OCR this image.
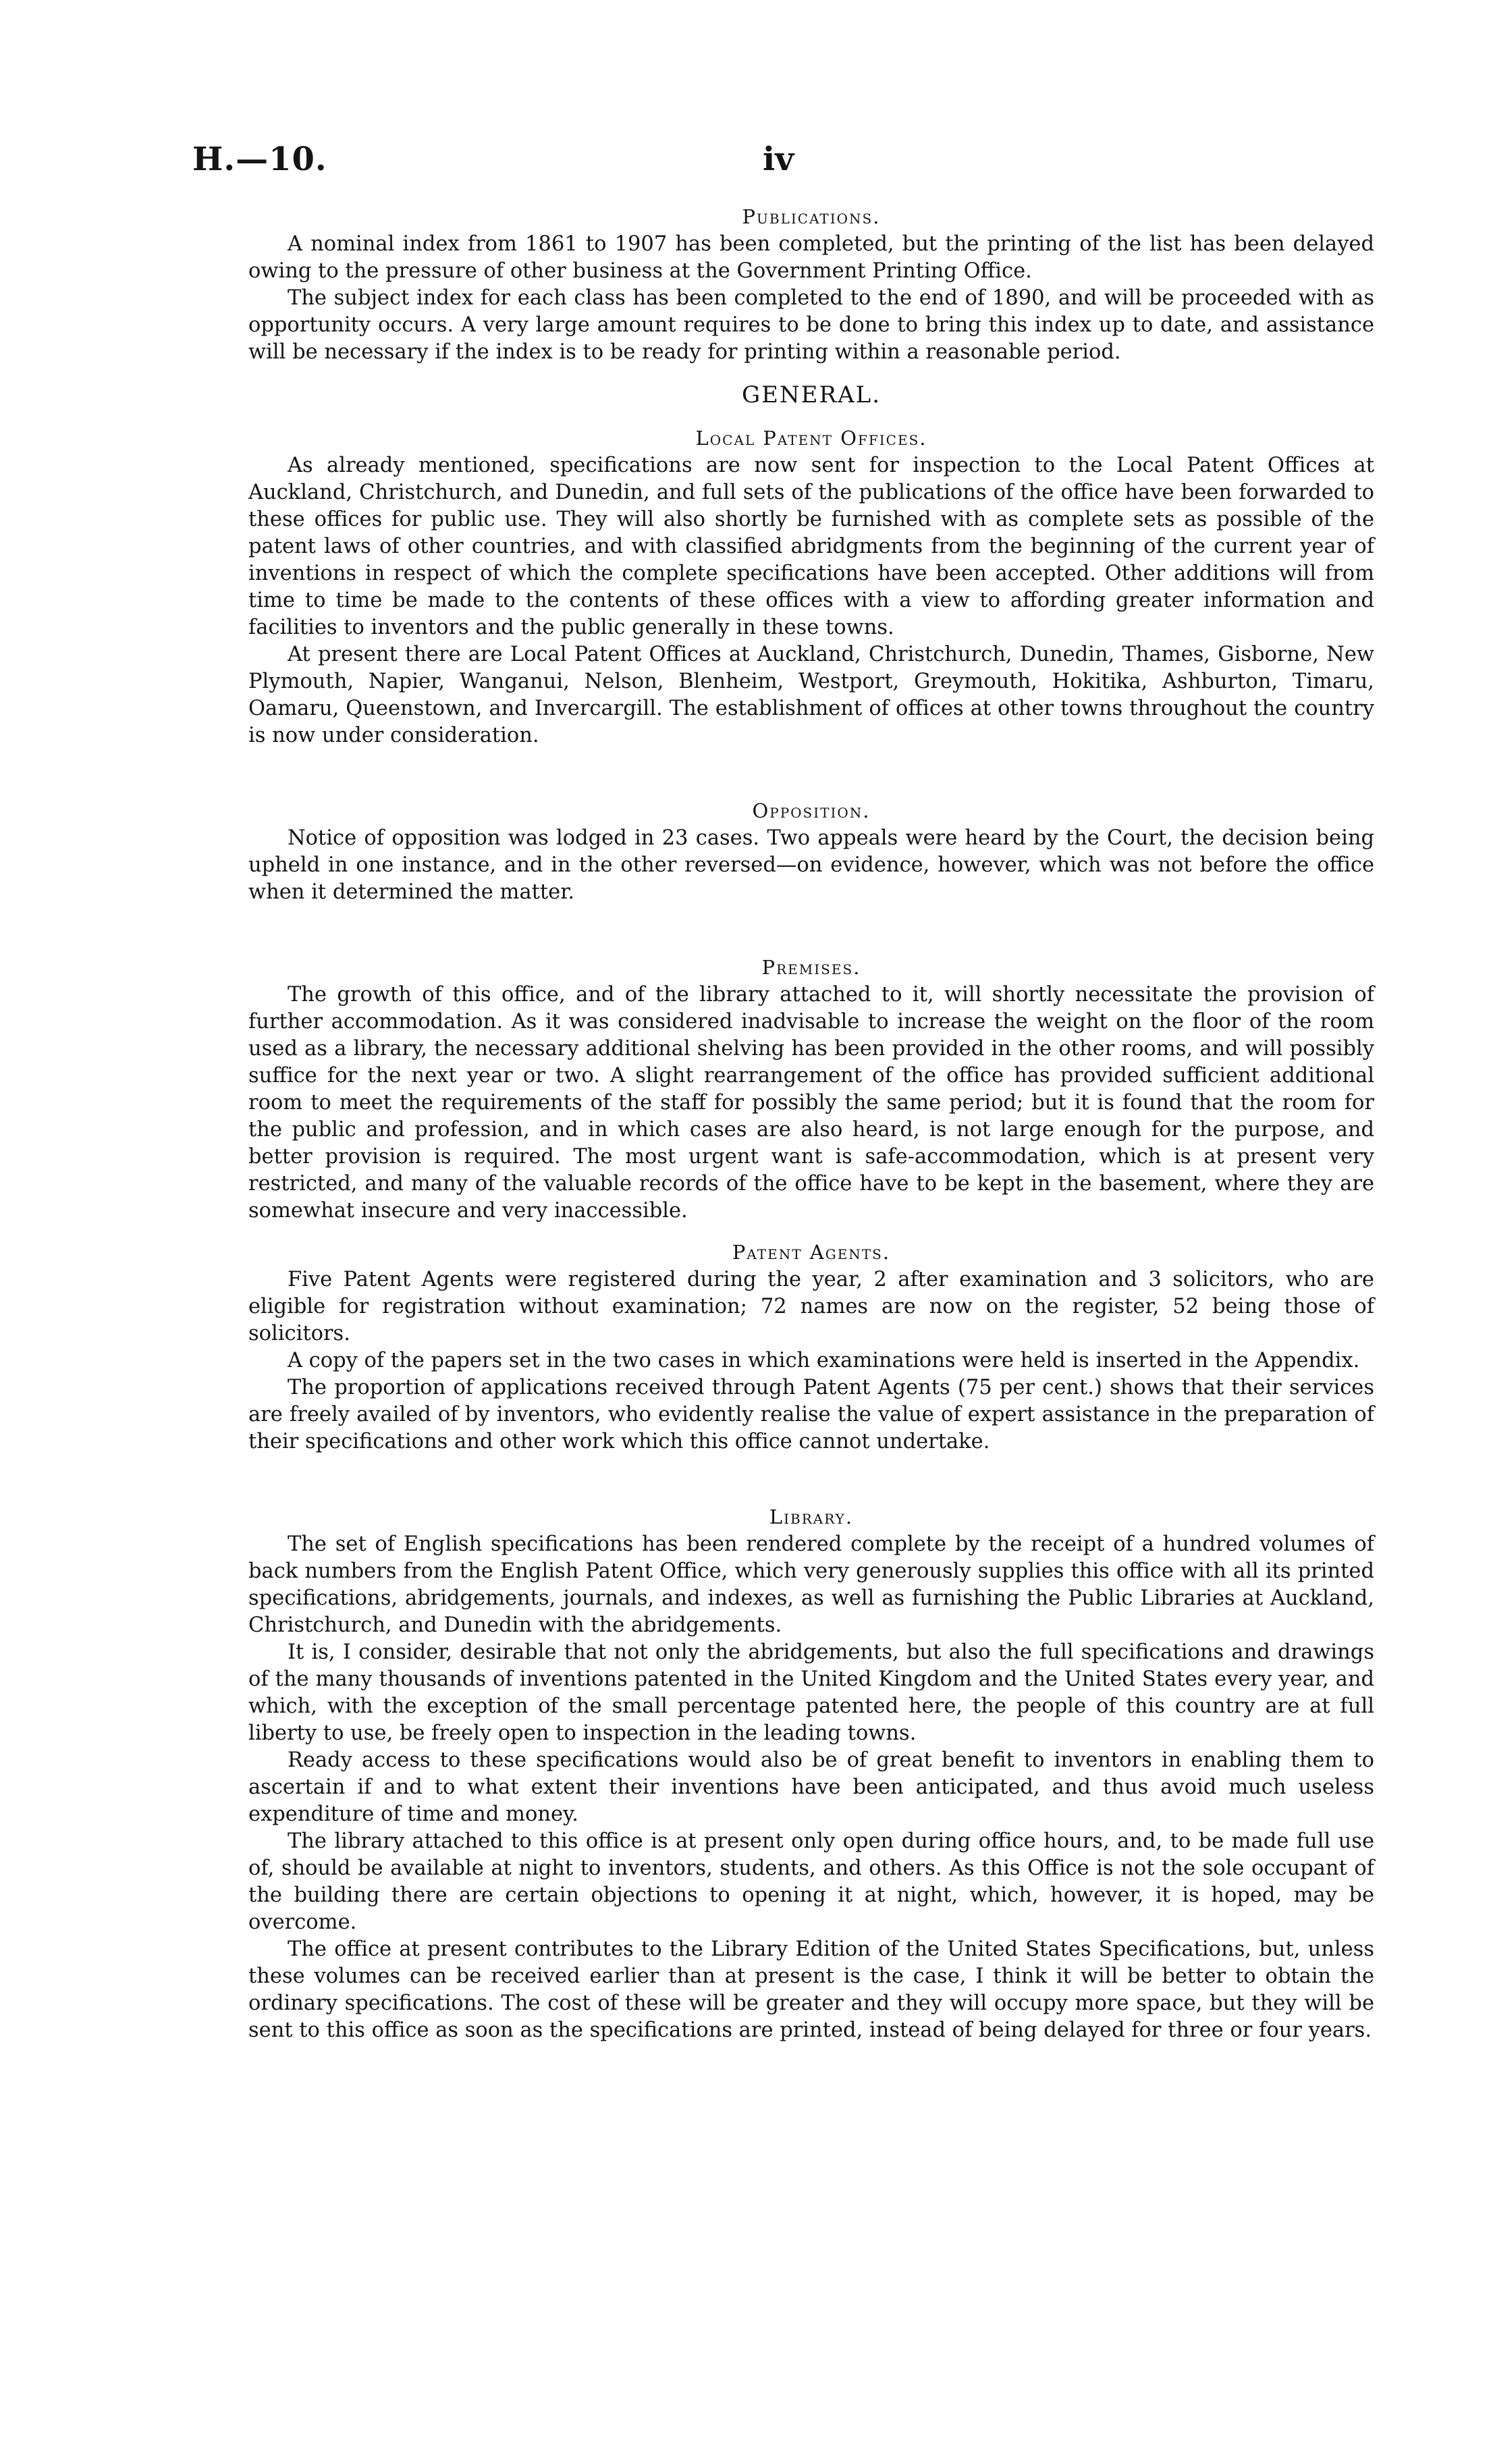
H.—10.	iv
Publications.

A nominal index from 1861 to 1907 has been completed, but the printing of the list has been delayed owing to the pressure of other business at the Government Printing Office.

The subject index for each class has been completed to the end of 1890, and will be proceeded with as opportunity occurs. A very large amount requires to be done to bring this index up to date, and assistance will be necessary if the index is to be ready for printing within a reasonable period.

GENERAL.
Local Patent Offices.

As already mentioned, specifications are now sent for inspection to the Local Patent Offices at Auckland, Christchurch, and Dunedin, and full sets of the publications of the office have been forwarded to these offices for public use. They will also shortly be furnished with as complete sets as possible of the patent laws of other countries, and with classified abridgments from the beginning of the current year of inventions in respect of which the complete specifications have been accepted. Other additions will from time to time be made to the contents of these offices with a view to affording greater information and facilities to inventors and the public generally in these towns.

At present there are Local Patent Offices at Auckland, Christchurch, Dunedin, Thames, Gisborne, New Plymouth, Napier, Wanganui, Nelson, Blenheim, Westport, Greymouth, Hokitika, Ashburton, Timaru, Oamaru, Queenstown, and Invercargill. The establishment of offices at other towns throughout the country is now under consideration.

Opposition.

Notice of opposition was lodged in 23 cases. Two appeals were heard by the Court, the decision being upheld in one instance, and in the other reversed—on evidence, however, which was not before the office when it determined the matter.

Premises.

The growth of this office, and of the library attached to it, will shortly necessitate the provision of further accommodation. As it was considered inadvisable to increase the weight on the floor of the room used as a library, the necessary additional shelving has been provided in the other rooms, and will possibly suffice for the next year or two. A slight rearrangement of the office has provided sufficient additional room to meet the requirements of the staff for possibly the same period; but it is found that the room for the public and profession, and in which cases are also heard, is not large enough for the purpose, and better provision is required. The most urgent want is safe-accommodation, which is at present very restricted, and many of the valuable records of the office have to be kept in the basement, where they are somewhat insecure and very inaccessible.

Patent Agents.

Five Patent Agents were registered during the year, 2 after examination and 3 solicitors, who are eligible for registration without examination; 72 names are now on the register, 52 being those of solicitors.

A copy of the papers set in the two cases in which examinations were held is inserted in the Appendix.

The proportion of applications received through Patent Agents (75 per cent.) shows that their services are freely availed of by inventors, who evidently realise the value of expert assistance in the preparation of their specifications and other work which this office cannot undertake.

Library.

The set of English specifications has been rendered complete by the receipt of a hundred volumes of back numbers from the English Patent Office, which very generously supplies this office with all its printed specifications, abridgements, journals, and indexes, as well as furnishing the Public Libraries at Auckland, Christchurch, and Dunedin with the abridgements.

It is, I consider, desirable that not only the abridgements, but also the full specifications and drawings of the many thousands of inventions patented in the United Kingdom and the United States every year, and which, with the exception of the small percentage patented here, the people of this country are at full liberty to use, be freely open to inspection in the leading towns.

Ready access to these specifications would also be of great benefit to inventors in enabling them to ascertain if and to what extent their inventions have been anticipated, and thus avoid much useless expenditure of time and money.

The library attached to this office is at present only open during office hours, and, to be made full use of, should be available at night to inventors, students, and others. As this Office is not the sole occupant of the building there are certain objections to opening it at night, which, however, it is hoped, may be overcome.

The office at present contributes to the Library Edition of the United States Specifications, but, unless these volumes can be received earlier than at present is the case, I think it will be better to obtain the ordinary specifications. The cost of these will be greater and they will occupy more space, but they will be sent to this office as soon as the specifications are printed, instead of being delayed for three or four years.
